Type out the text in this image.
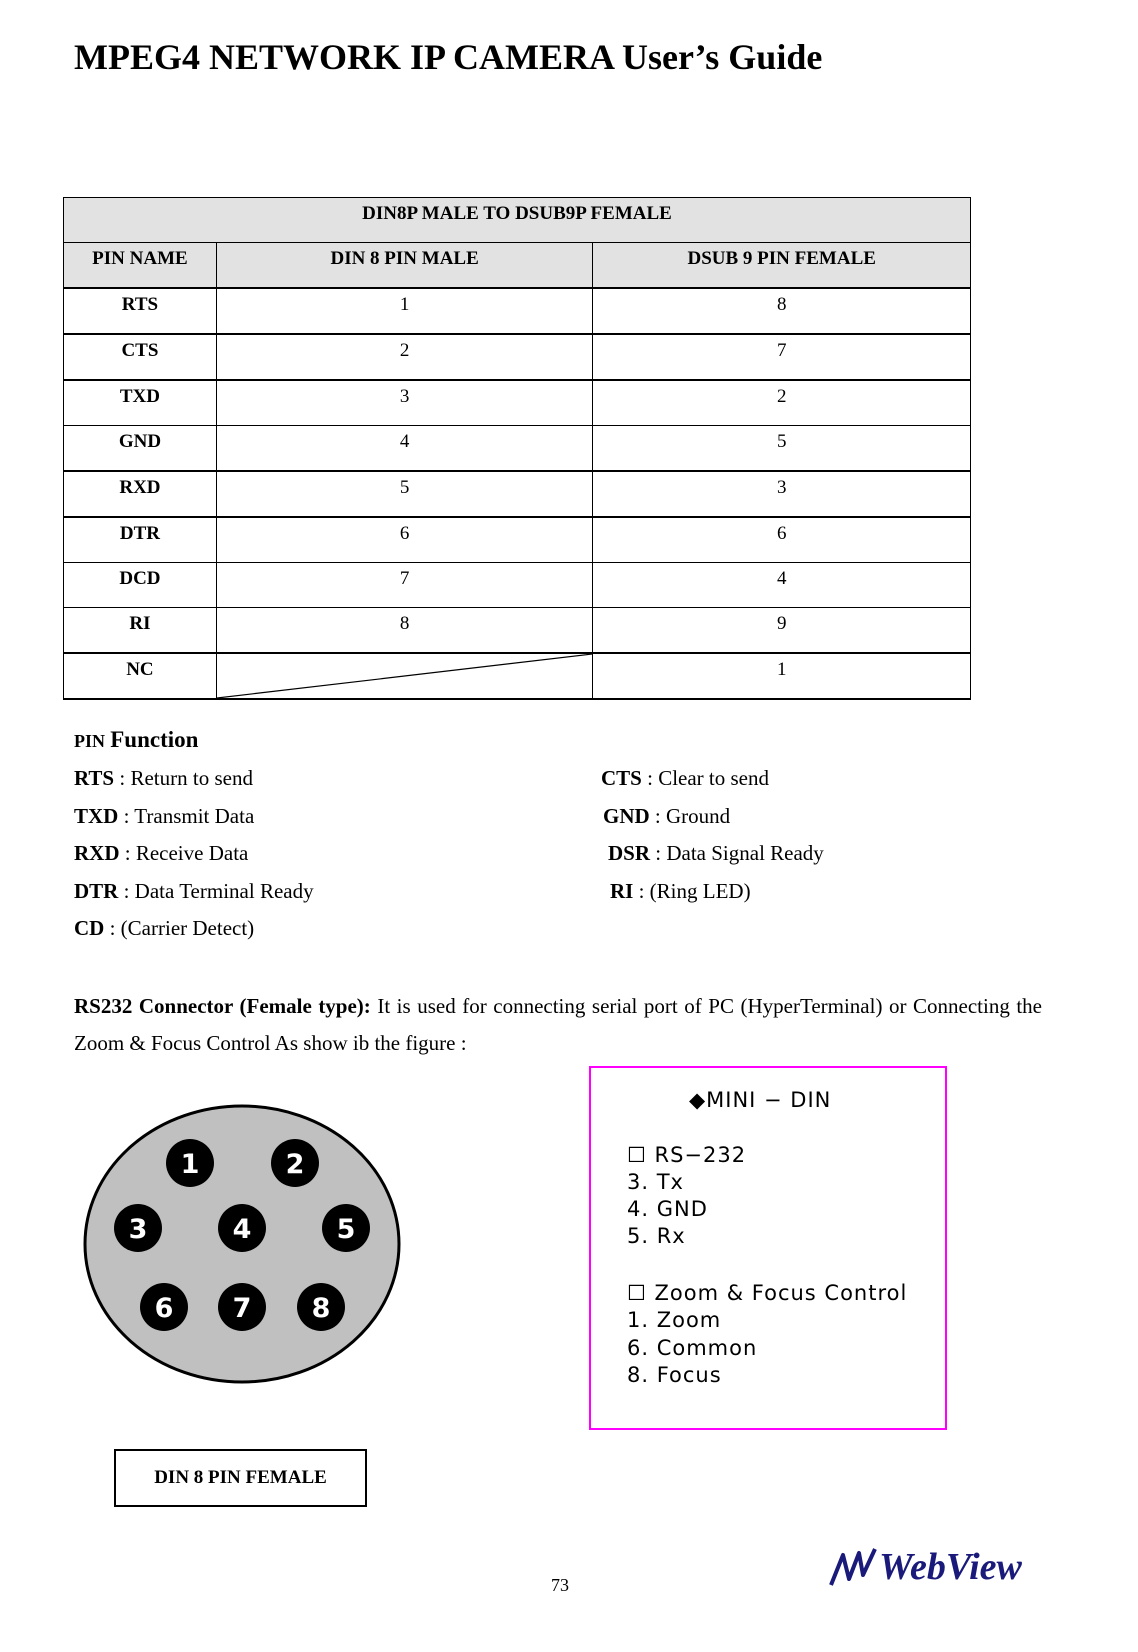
MPEG4 NETWORK IP CAMERA User’s Guide
DIN8P MALE TO DSUB9P FEMALE		
PIN NAME	DIN 8 PIN MALE	DSUB 9 PIN FEMALE
RTS	1	8
CTS	2	7
TXD	3	2
GND	4	5
RXD	5	3
DTR	6	6
DCD	7	4
RI	8	9
NC		1
PIN Function
RTS : Return to send
TXD : Transmit Data
RXD : Receive Data
DTR : Data Terminal Ready
CD : (Carrier Detect)
CTS : Clear to send
GND : Ground
DSR : Data Signal Ready
RI : (Ring LED)
RS232 Connector (Female type): It is used for connecting serial port of PC (HyperTerminal) or Connecting the Zoom & Focus Control As show ib the figure :
1	2
3	4	5
6 7 8
◆MINI − DIN
☐ RS−232
3. Tx
4. GND
5. Rx
☐ Zoom & Focus Control
1. Zoom
6. Common
8. Focus
DIN 8 PIN FEMALE
73	WebView
